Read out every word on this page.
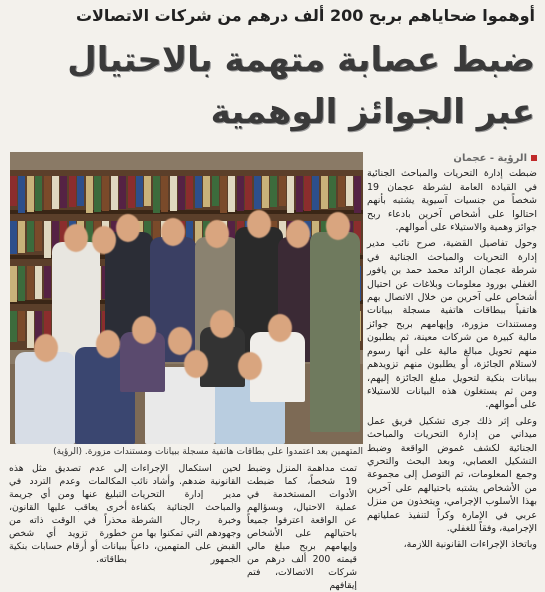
أوهموا ضحاياهم بربح 200 ألف درهم من شركات الاتصالات
ضبط عصابة متهمة بالاحتيال
عبر الجوائز الوهمية
المتهمين بعد اعتمدوا على بطاقات هاتفية مسجلة ببيانات ومستندات مزورة. (الرؤية)
الرؤية - عجمان

ضبطت إدارة التحريات والمباحث الجنائية في القيادة العامة لشرطة عجمان 19 شخصاً من جنسيات آسيوية يشتبه بأنهم احتالوا على أشخاص آخرين بادعاء ربح جوائز وهمية والاستيلاء على أموالهم.

وحول تفاصيل القضية، صرح نائب مدير إدارة التحريات والمباحث الجنائية في شرطة عجمان الرائد محمد حمد بن يافور الغفلي بورود معلومات وبلاغات عن احتيال أشخاص على آخرين من خلال الاتصال بهم هاتفياً ببطاقات هاتفية مسجلة ببيانات ومستندات مزورة، وإيهامهم بربح جوائز مالية كبيرة من شركات معينة، ثم يطلبون منهم تحويل مبالغ مالية على أنها رسوم لاستلام الجائزة، أو يطلبون منهم تزويدهم ببيانات بنكية لتحويل مبلغ الجائزة إليهم، ومن ثم يستغلون هذه البيانات للاستيلاء على أموالهم.

وعلى إثر ذلك جرى تشكيل فريق عمل ميداني من إدارة التحريات والمباحث الجنائية لكشف غموض الواقعة وضبط التشكيل العصابي، وبعد البحث والتحري وجمع المعلومات، تم التوصل إلى مجموعة من الأشخاص يشتبه باحتيالهم على آخرين بهذا الأسلوب الإجرامي، ويتخذون من منزل عربي في الإمارة وكراً لتنفيذ عملياتهم الإجرامية، وفقاً للغفلي.

وباتخاذ الإجراءات القانونية اللازمة،

تمت مداهمة المنزل وضبط 19 شخصاً، كما ضبطت الأدوات المستخدمة في عملية الاحتيال، وبسؤالهم عن الواقعة اعترفوا جميعاً باحتيالهم على الأشخاص وإيهامهم بربح مبلغ مالي قيمته 200 ألف درهم من شركات الاتصالات، فتم إيقافهم

لحين استكمال الإجراءات القانونية ضدهم. وأشاد نائب مدير إدارة التحريات والمباحث الجنائية بكفاءة وخبرة رجال الشرطة وجهودهم التي تمكنوا بها من القبض على المتهمين، داعياً الجمهور

إلى عدم تصديق مثل هذه المكالمات وعدم التردد في التبليغ عنها ومن أي جريمة أخرى يعاقب عليها القانون، محذراً في الوقت ذاته من خطورة تزويد أي شخص ببيانات أو أرقام حسابات بنكية بطاقاته.
